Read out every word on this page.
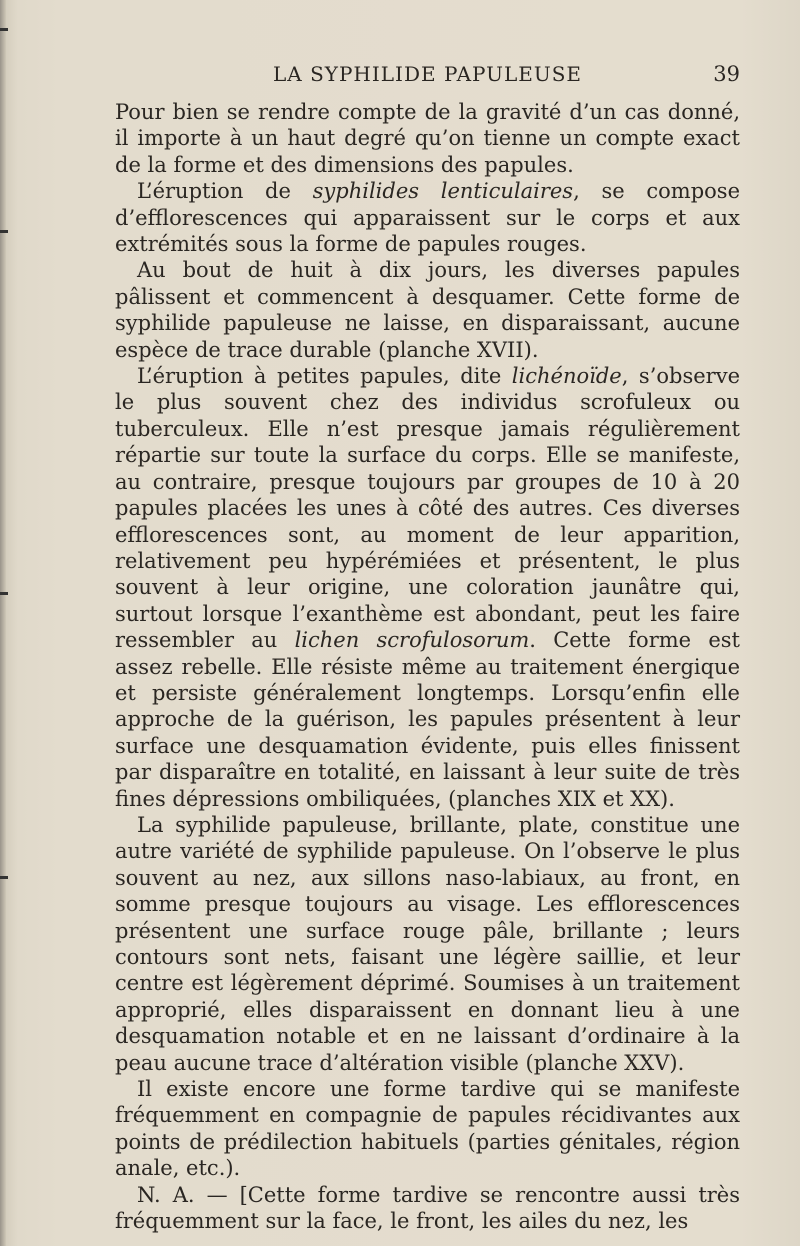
LA SYPHILIDE PAPULEUSE	39

Pour bien se rendre compte de la gravité d’un cas donné, il importe à un haut degré qu’on tienne un compte exact de la forme et des dimensions des papules.

L’éruption de syphilides lenticulaires, se compose d’efflorescences qui apparaissent sur le corps et aux extrémités sous la forme de papules rouges.

Au bout de huit à dix jours, les diverses papules pâlissent et commencent à desquamer. Cette forme de syphilide papuleuse ne laisse, en disparaissant, aucune espèce de trace durable (planche XVII).

L’éruption à petites papules, dite lichénoïde, s’observe le plus souvent chez des individus scrofuleux ou tuberculeux. Elle n’est presque jamais régulièrement répartie sur toute la surface du corps. Elle se manifeste, au contraire, presque toujours par groupes de 10 à 20 papules placées les unes à côté des autres. Ces diverses efflorescences sont, au moment de leur apparition, relativement peu hypérémiées et présentent, le plus souvent à leur origine, une coloration jaunâtre qui, surtout lorsque l’exanthème est abondant, peut les faire ressembler au lichen scrofulosorum. Cette forme est assez rebelle. Elle résiste même au traitement énergique et persiste généralement longtemps. Lorsqu’enfin elle approche de la guérison, les papules présentent à leur surface une desquamation évidente, puis elles finissent par disparaître en totalité, en laissant à leur suite de très fines dépressions ombiliquées, (planches XIX et XX).

La syphilide papuleuse, brillante, plate, constitue une autre variété de syphilide papuleuse. On l’observe le plus souvent au nez, aux sillons naso-labiaux, au front, en somme presque toujours au visage. Les efflorescences présentent une surface rouge pâle, brillante ; leurs contours sont nets, faisant une légère saillie, et leur centre est légèrement déprimé. Soumises à un traitement approprié, elles disparaissent en donnant lieu à une desquamation notable et en ne laissant d’ordinaire à la peau aucune trace d’altération visible (planche XXV).

Il existe encore une forme tardive qui se manifeste fréquemment en compagnie de papules récidivantes aux points de prédilection habituels (parties génitales, région anale, etc.).

N. A. — [Cette forme tardive se rencontre aussi très fréquemment sur la face, le front, les ailes du nez, les
